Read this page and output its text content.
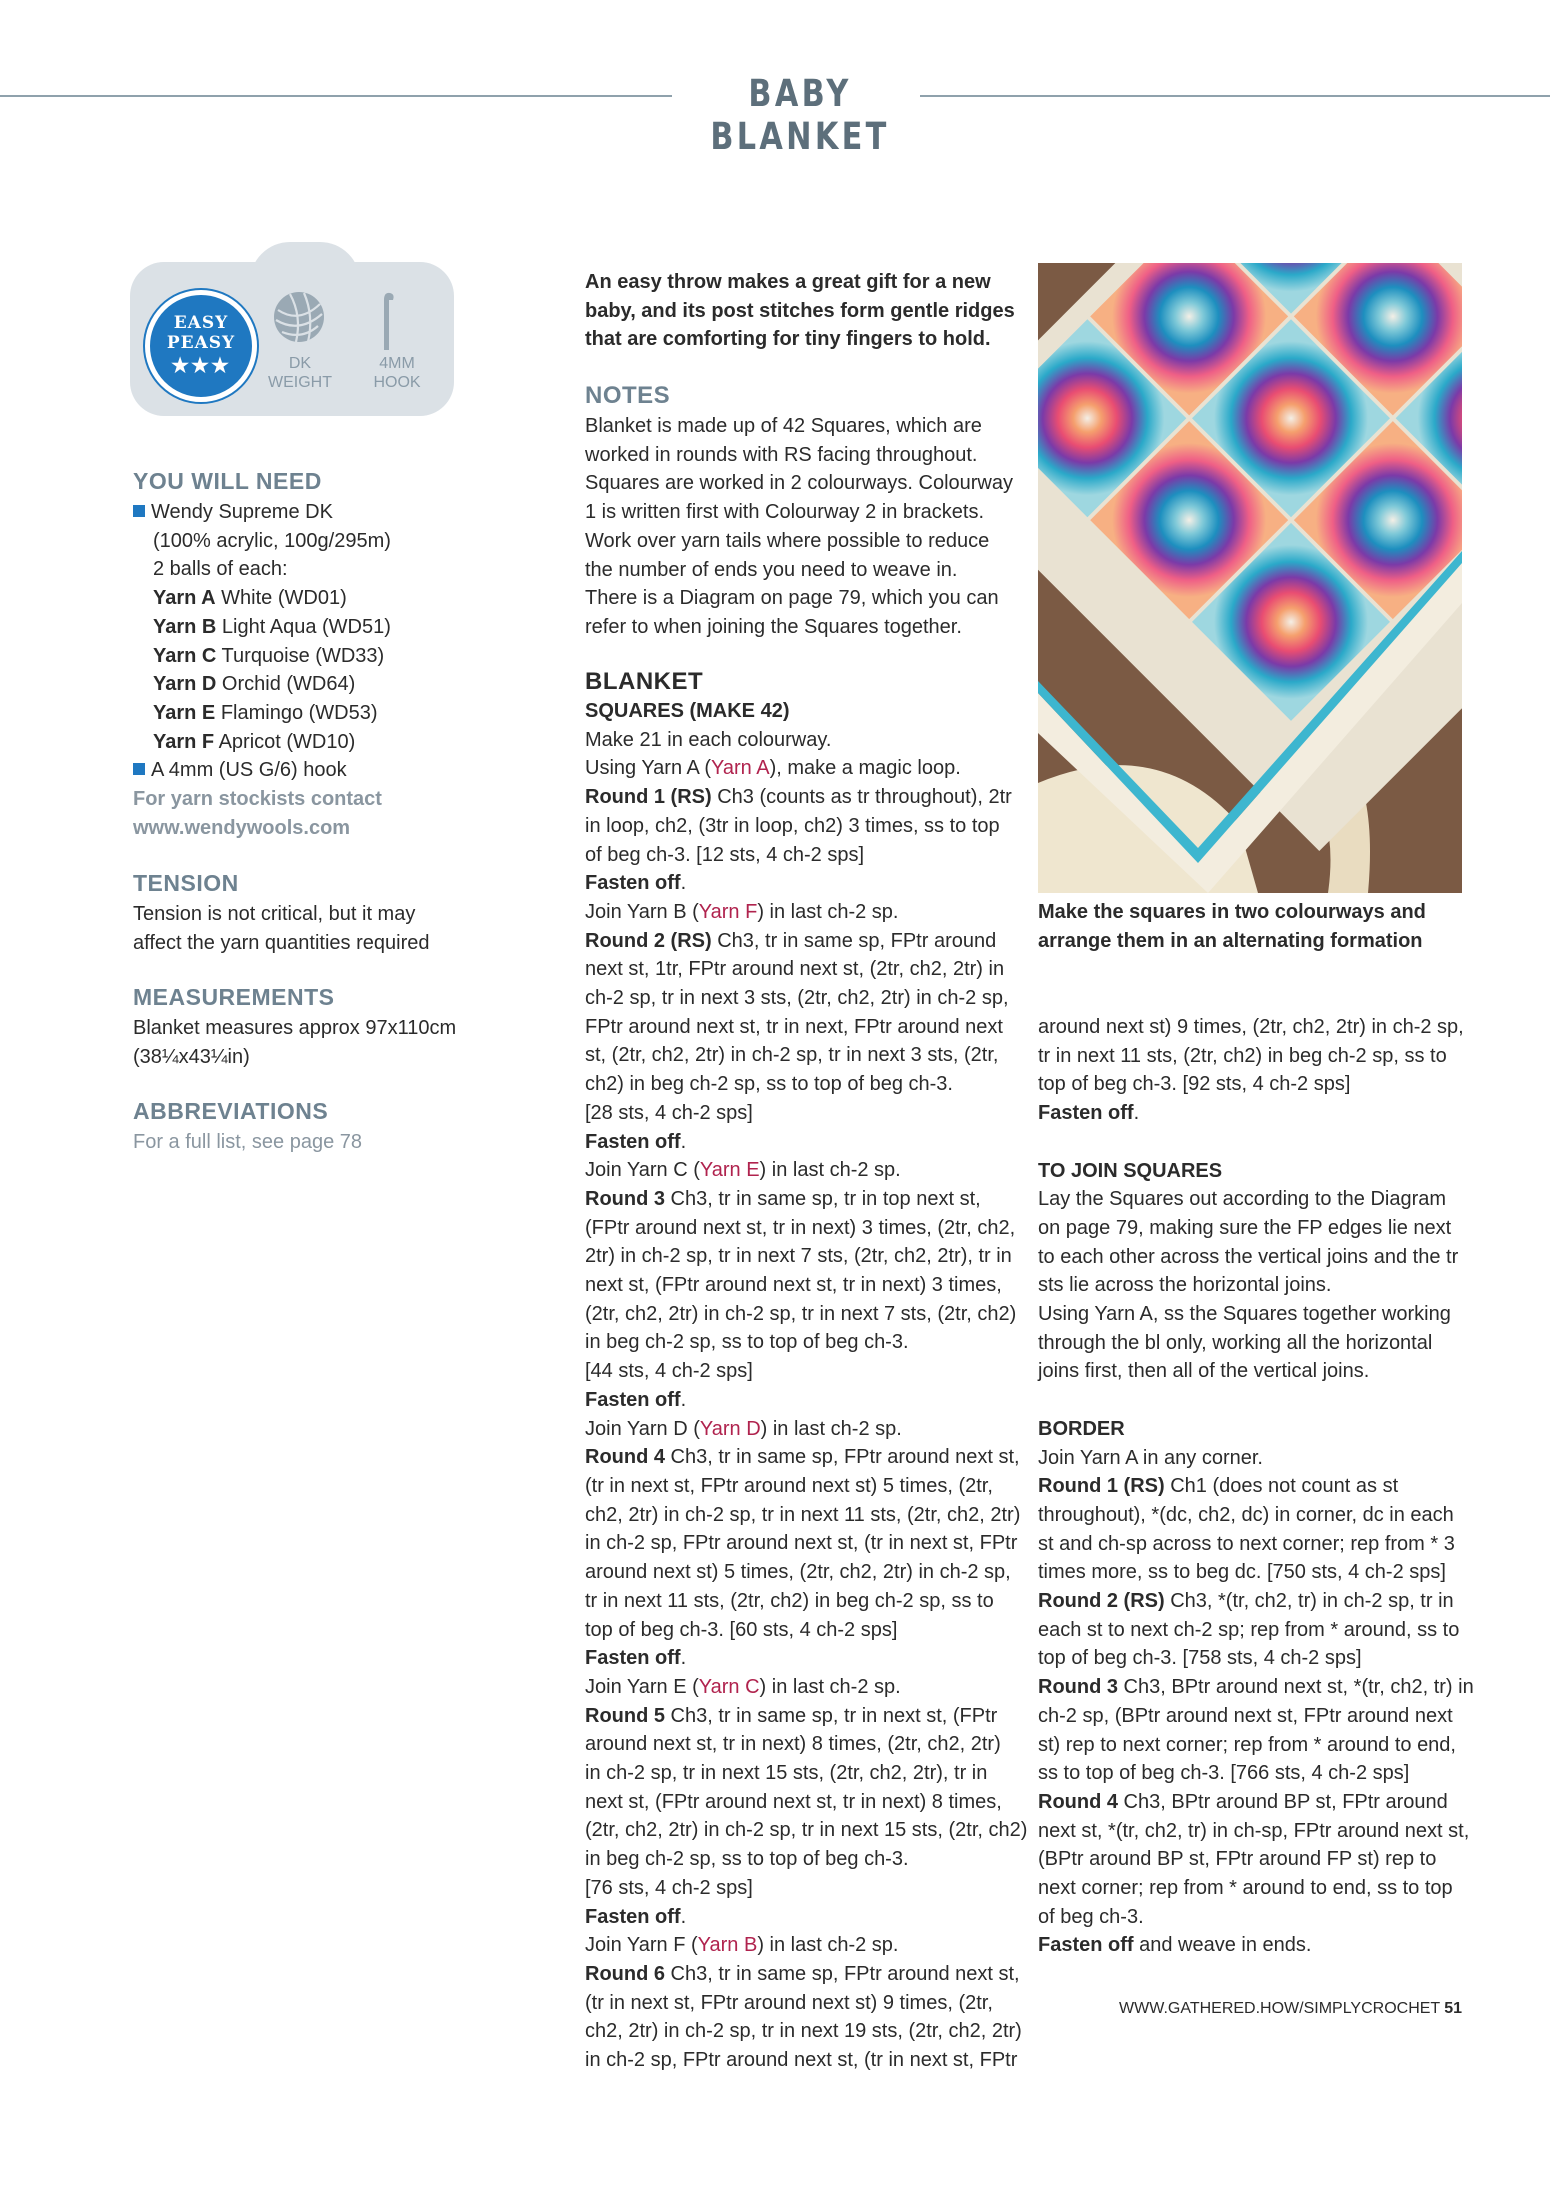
BABY BLANKET
EASY
PEASY
★★★	DK
WEIGHT
4MM
HOOK
YOU WILL NEED
Wendy Supreme DK
(100% acrylic, 100g/295m)
2 balls of each:
Yarn A White (WD01)
Yarn B Light Aqua (WD51)
Yarn C Turquoise (WD33)
Yarn D Orchid (WD64)
Yarn E Flamingo (WD53)
Yarn F Apricot (WD10)
A 4mm (US G/6) hook
For yarn stockists contact
www.wendywools.com
TENSION
Tension is not critical, but it may
affect the yarn quantities required
MEASUREMENTS
Blanket measures approx 97x110cm
(38¼x43¼in)
ABBREVIATIONS
For a full list, see page 78
An easy throw makes a great gift for a new
baby, and its post stitches form gentle ridges
that are comforting for tiny fingers to hold.
NOTES
Blanket is made up of 42 Squares, which are
worked in rounds with RS facing throughout.
Squares are worked in 2 colourways. Colourway
1 is written first with Colourway 2 in brackets.
Work over yarn tails where possible to reduce
the number of ends you need to weave in.
There is a Diagram on page 79, which you can
refer to when joining the Squares together.
BLANKET
SQUARES (MAKE 42)
Make 21 in each colourway.
Using Yarn A (Yarn A), make a magic loop.
Round 1 (RS) Ch3 (counts as tr throughout), 2tr
in loop, ch2, (3tr in loop, ch2) 3 times, ss to top
of beg ch-3. [12 sts, 4 ch-2 sps]
Fasten off.
Join Yarn B (Yarn F) in last ch-2 sp.
Round 2 (RS) Ch3, tr in same sp, FPtr around
next st, 1tr, FPtr around next st, (2tr, ch2, 2tr) in
ch-2 sp, tr in next 3 sts, (2tr, ch2, 2tr) in ch-2 sp,
FPtr around next st, tr in next, FPtr around next
st, (2tr, ch2, 2tr) in ch-2 sp, tr in next 3 sts, (2tr,
ch2) in beg ch-2 sp, ss to top of beg ch-3.
[28 sts, 4 ch-2 sps]
Fasten off.
Join Yarn C (Yarn E) in last ch-2 sp.
Round 3 Ch3, tr in same sp, tr in top next st,
(FPtr around next st, tr in next) 3 times, (2tr, ch2,
2tr) in ch-2 sp, tr in next 7 sts, (2tr, ch2, 2tr), tr in
next st, (FPtr around next st, tr in next) 3 times,
(2tr, ch2, 2tr) in ch-2 sp, tr in next 7 sts, (2tr, ch2)
in beg ch-2 sp, ss to top of beg ch-3.
[44 sts, 4 ch-2 sps]
Fasten off.
Join Yarn D (Yarn D) in last ch-2 sp.
Round 4 Ch3, tr in same sp, FPtr around next st,
(tr in next st, FPtr around next st) 5 times, (2tr,
ch2, 2tr) in ch-2 sp, tr in next 11 sts, (2tr, ch2, 2tr)
in ch-2 sp, FPtr around next st, (tr in next st, FPtr
around next st) 5 times, (2tr, ch2, 2tr) in ch-2 sp,
tr in next 11 sts, (2tr, ch2) in beg ch-2 sp, ss to
top of beg ch-3. [60 sts, 4 ch-2 sps]
Fasten off.
Join Yarn E (Yarn C) in last ch-2 sp.
Round 5 Ch3, tr in same sp, tr in next st, (FPtr
around next st, tr in next) 8 times, (2tr, ch2, 2tr)
in ch-2 sp, tr in next 15 sts, (2tr, ch2, 2tr), tr in
next st, (FPtr around next st, tr in next) 8 times,
(2tr, ch2, 2tr) in ch-2 sp, tr in next 15 sts, (2tr, ch2)
in beg ch-2 sp, ss to top of beg ch-3.
[76 sts, 4 ch-2 sps]
Fasten off.
Join Yarn F (Yarn B) in last ch-2 sp.
Round 6 Ch3, tr in same sp, FPtr around next st,
(tr in next st, FPtr around next st) 9 times, (2tr,
ch2, 2tr) in ch-2 sp, tr in next 19 sts, (2tr, ch2, 2tr)
in ch-2 sp, FPtr around next st, (tr in next st, FPtr
Make the squares in two colourways and
arrange them in an alternating formation
around next st) 9 times, (2tr, ch2, 2tr) in ch-2 sp,
tr in next 11 sts, (2tr, ch2) in beg ch-2 sp, ss to
top of beg ch-3. [92 sts, 4 ch-2 sps]
Fasten off.
TO JOIN SQUARES
Lay the Squares out according to the Diagram
on page 79, making sure the FP edges lie next
to each other across the vertical joins and the tr
sts lie across the horizontal joins.
Using Yarn A, ss the Squares together working
through the bl only, working all the horizontal
joins first, then all of the vertical joins.
BORDER
Join Yarn A in any corner.
Round 1 (RS) Ch1 (does not count as st
throughout), *(dc, ch2, dc) in corner, dc in each
st and ch-sp across to next corner; rep from * 3
times more, ss to beg dc. [750 sts, 4 ch-2 sps]
Round 2 (RS) Ch3, *(tr, ch2, tr) in ch-2 sp, tr in
each st to next ch-2 sp; rep from * around, ss to
top of beg ch-3. [758 sts, 4 ch-2 sps]
Round 3 Ch3, BPtr around next st, *(tr, ch2, tr) in
ch-2 sp, (BPtr around next st, FPtr around next
st) rep to next corner; rep from * around to end,
ss to top of beg ch-3. [766 sts, 4 ch-2 sps]
Round 4 Ch3, BPtr around BP st, FPtr around
next st, *(tr, ch2, tr) in ch-sp, FPtr around next st,
(BPtr around BP st, FPtr around FP st) rep to
next corner; rep from * around to end, ss to top
of beg ch-3.
Fasten off and weave in ends.
WWW.GATHERED.HOW/SIMPLYCROCHET 51
